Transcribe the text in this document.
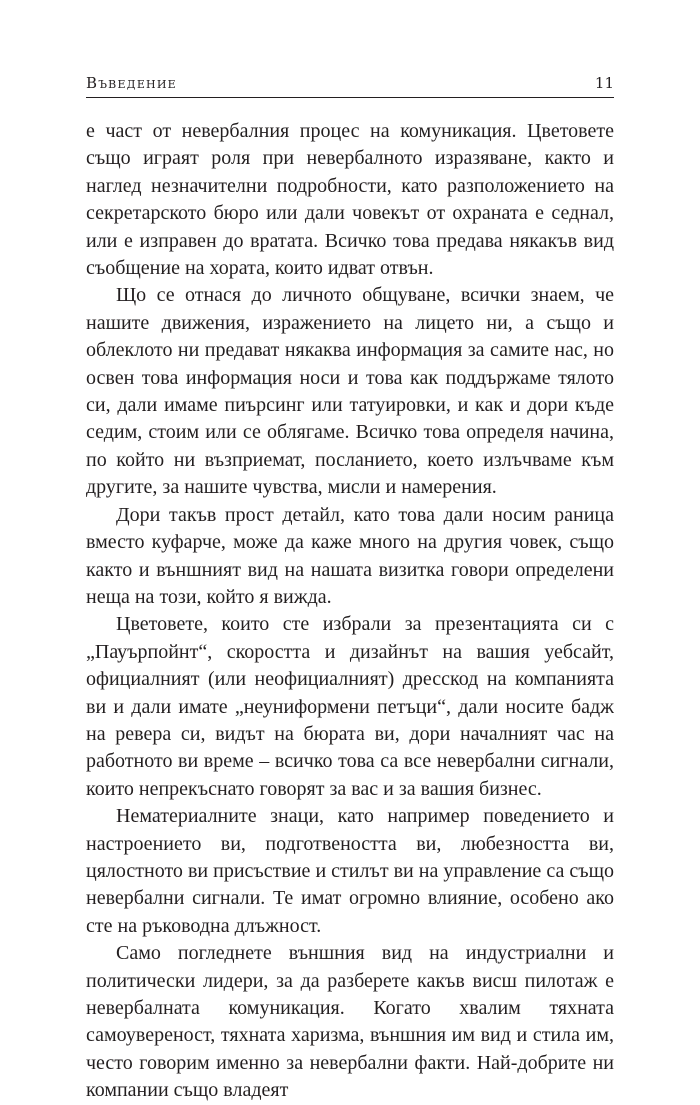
Въведение	11

е част от невербалния процес на комуникация. Цветовете също играят роля при невербалното изразяване, както и наглед незначителни подробности, като разположението на секретарското бюро или дали човекът от охраната е седнал, или е изправен до вратата. Всичко това предава някакъв вид съобщение на хората, които идват отвън.

Що се отнася до личното общуване, всички знаем, че нашите движения, изражението на лицето ни, а също и облеклото ни предават някаква информация за самите нас, но освен това информация носи и това как поддържаме тялото си, дали имаме пиърсинг или татуировки, и как и дори къде седим, стоим или се облягаме. Всичко това определя начина, по който ни възприемат, посланието, което излъчваме към другите, за нашите чувства, мисли и намерения.

Дори такъв прост детайл, като това дали носим раница вместо куфарче, може да каже много на другия човек, също както и външният вид на нашата визитка говори определени неща на този, който я вижда.

Цветовете, които сте избрали за презентацията си с „Пауърпойнт“, скоростта и дизайнът на вашия уебсайт, официалният (или неофициалният) дресскод на компанията ви и дали имате „неуниформени петъци“, дали носите бадж на ревера си, видът на бюрата ви, дори началният час на работното ви време – всичко това са все невербални сигнали, които непрекъснато говорят за вас и за вашия бизнес.

Нематериалните знаци, като например поведението и настроението ви, подготвеността ви, любезността ви, цялостното ви присъствие и стилът ви на управление са също невербални сигнали. Те имат огромно влияние, особено ако сте на ръководна длъжност.

Само погледнете външния вид на индустриални и политически лидери, за да разберете какъв висш пилотаж е невербалната комуникация. Когато хвалим тяхната самоувереност, тяхната харизма, външния им вид и стила им, често говорим именно за невербални факти. Най-добрите ни компании също владеят
